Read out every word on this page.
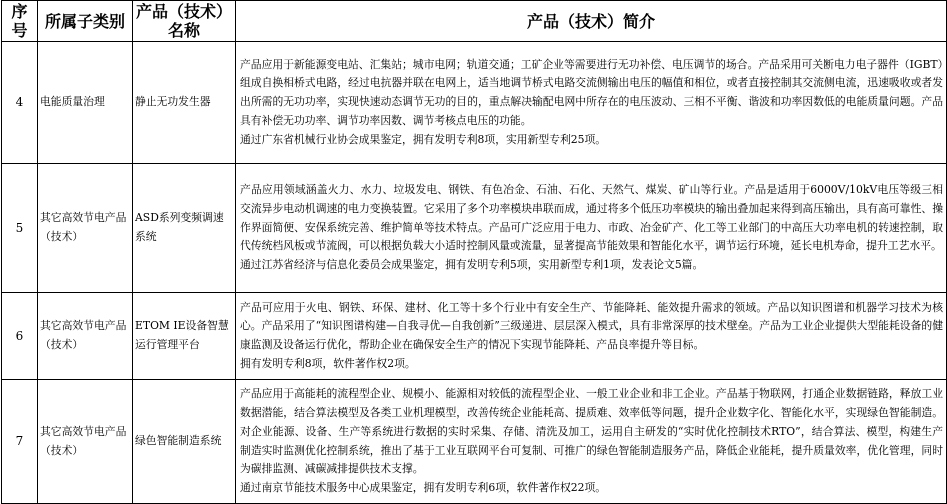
序号	所属子类别	产品（技术）名称	产品（技术）简介
4	电能质量治理	静止无功发生器	产品应用于新能源变电站、汇集站；城市电网；轨道交通；工矿企业等需要进行无功补偿、电压调节的场合。产品采用可关断电力电子器件（IGBT）组成自换相桥式电路，经过电抗器并联在电网上，适当地调节桥式电路交流侧输出电压的幅值和相位，或者直接控制其交流侧电流，迅速吸收或者发出所需的无功功率，实现快速动态调节无功的目的，重点解决输配电网中所存在的电压波动、三相不平衡、谐波和功率因数低的电能质量问题。产品具有补偿无功功率、调节功率因数、调节考核点电压的功能。
通过广东省机械行业协会成果鉴定，拥有发明专利8项，实用新型专利25项。

5	其它高效节电产品（技术）	ASD系列变频调速系统	产品应用领域涵盖火力、水力、垃圾发电、钢铁、有色冶金、石油、石化、天然气、煤炭、矿山等行业。产品是适用于6000V/10kV电压等级三相交流异步电动机调速的电力变换装置。它采用了多个功率模块串联而成，通过将多个低压功率模块的输出叠加起来得到高压输出，具有高可靠性、操作界面简便、安保系统完善、维护简单等技术特点。产品可广泛应用于电力、市政、冶金矿产、化工等工业部门的中高压大功率电机的转速控制，取代传统档风板或节流阀，可以根据负载大小适时控制风量或流量，显著提高节能效果和智能化水平，调节运行环境，延长电机寿命，提升工艺水平。
通过江苏省经济与信息化委员会成果鉴定，拥有发明专利5项，实用新型专利1项，发表论文5篇。

6	其它高效节电产品（技术）	ETOM IE设备智慧运行管理平台	产品可应用于火电、钢铁、环保、建材、化工等十多个行业中有安全生产、节能降耗、能效提升需求的领域。产品以知识图谱和机器学习技术为核心。产品采用了“知识图谱构建—自我寻优—自我创新”三级递进、层层深入模式，具有非常深厚的技术壁垒。产品为工业企业提供大型能耗设备的健康监测及设备运行优化，帮助企业在确保安全生产的情况下实现节能降耗、产品良率提升等目标。
拥有发明专利8项，软件著作权2项。

7	其它高效节电产品（技术）	绿色智能制造系统	产品应用于高能耗的流程型企业、规模小、能源相对较低的流程型企业、一般工业企业和非工企业。产品基于物联网，打通企业数据链路，释放工业数据潜能，结合算法模型及各类工业机理模型，改善传统企业能耗高、提质难、效率低等问题，提升企业数字化、智能化水平，实现绿色智能制造。对企业能源、设备、生产等系统进行数据的实时采集、存储、清洗及加工，运用自主研发的“实时优化控制技术RTO”，结合算法、模型，构建生产制造实时监测优化控制系统，推出了基于工业互联网平台可复制、可推广的绿色智能制造服务产品，降低企业能耗，提升质量效率，优化管理，同时为碳排监测、减碳减排提供技术支撑。
通过南京节能技术服务中心成果鉴定，拥有发明专利6项，软件著作权22项。
